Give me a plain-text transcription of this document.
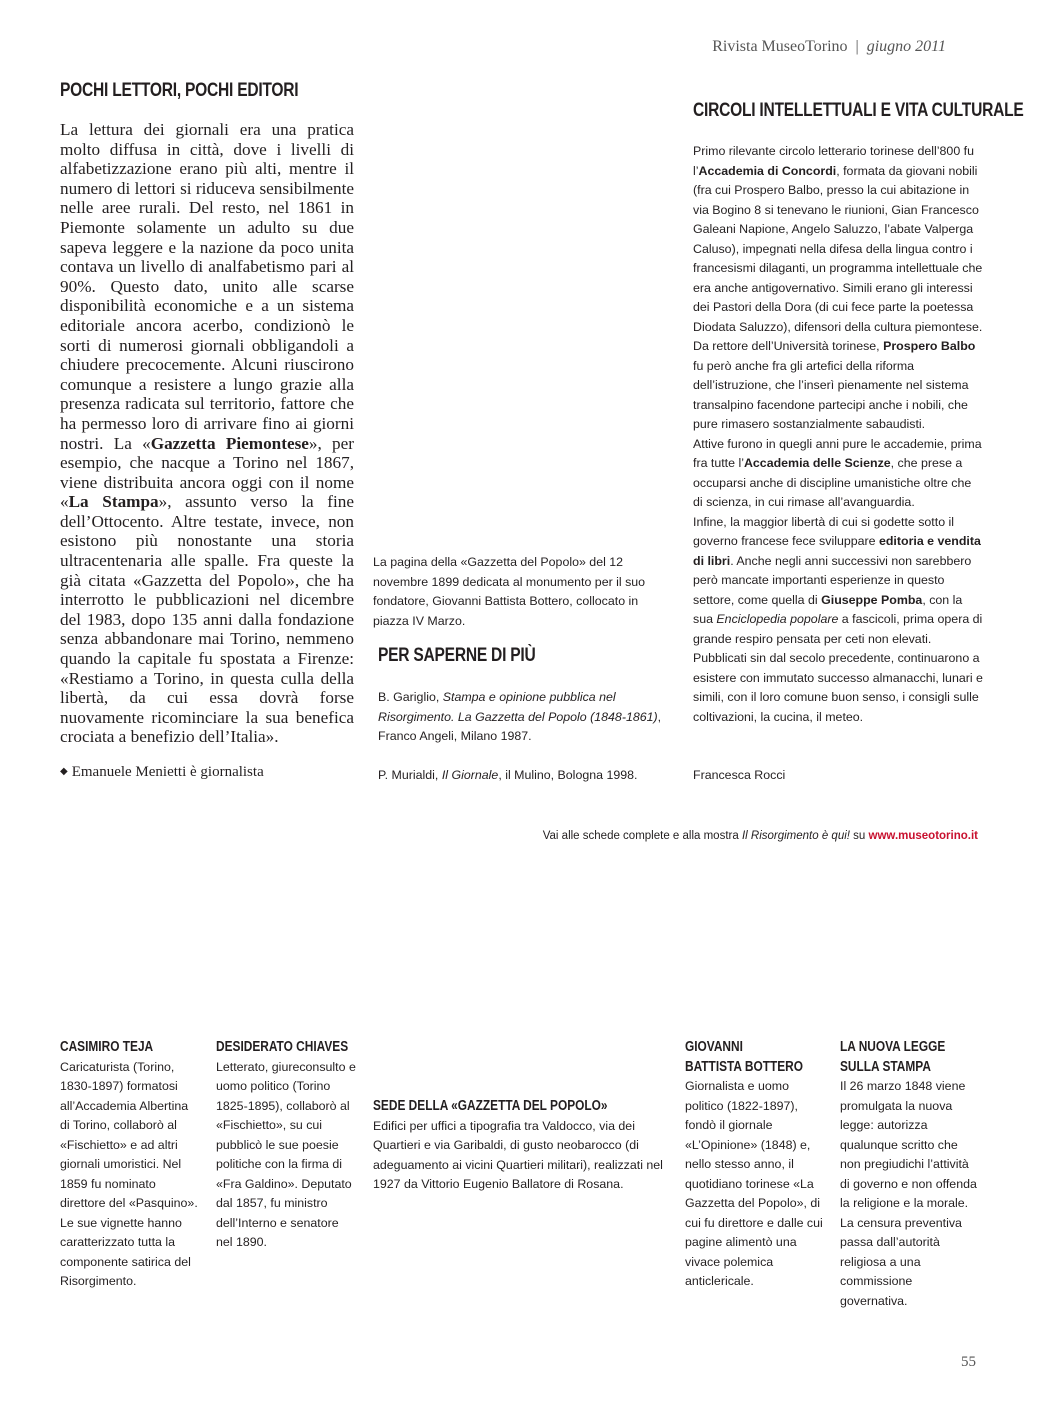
Rivista MuseoTorino | giugno 2011
POCHI LETTORI, POCHI EDITORI
La lettura dei giornali era una pratica molto diffusa in città, dove i livelli di alfabetizzazione erano più alti, mentre il numero di lettori si riduceva sensibilmente nelle aree rurali. Del resto, nel 1861 in Piemonte solamente un adulto su due sapeva leggere e la nazione da poco unita contava un livello di analfabetismo pari al 90%. Questo dato, unito alle scarse disponibilità economiche e a un sistema editoriale ancora acerbo, condizionò le sorti di numerosi giornali obbligandoli a chiudere precocemente. Alcuni riuscirono comunque a resistere a lungo grazie alla presenza radicata sul territorio, fattore che ha permesso loro di arrivare fino ai giorni nostri. La «Gazzetta Piemontese», per esempio, che nacque a Torino nel 1867, viene distribuita ancora oggi con il nome «La Stampa», assunto verso la fine dell’Ottocento. Altre testate, invece, non esistono più nonostante una storia ultracentenaria alle spalle. Fra queste la già citata «Gazzetta del Popolo», che ha interrotto le pubblicazioni nel dicembre del 1983, dopo 135 anni dalla fondazione senza abbandonare mai Torino, nemmeno quando la capitale fu spostata a Firenze: «Restiamo a Torino, in questa culla della libertà, da cui essa dovrà forse nuovamente ricominciare la sua benefica crociata a benefizio dell’Italia».
◆ Emanuele Menietti è giornalista
La pagina della «Gazzetta del Popolo» del 12 novembre 1899 dedicata al monumento per il suo fondatore, Giovanni Battista Bottero, collocato in piazza IV Marzo.
PER SAPERNE DI PIÙ
B. Gariglio, Stampa e opinione pubblica nel Risorgimento. La Gazzetta del Popolo (1848-1861), Franco Angeli, Milano 1987.
P. Murialdi, Il Giornale, il Mulino, Bologna 1998.
CIRCOLI INTELLETTUALI E VITA CULTURALE
Primo rilevante circolo letterario torinese dell’800 fu l’Accademia di Concordi, formata da giovani nobili (fra cui Prospero Balbo, presso la cui abitazione in via Bogino 8 si tenevano le riunioni, Gian Francesco Galeani Napione, Angelo Saluzzo, l’abate Valperga Caluso), impegnati nella difesa della lingua contro i francesismi dilaganti, un programma intellettuale che era anche antigovernativo. Simili erano gli interessi dei Pastori della Dora (di cui fece parte la poetessa Diodata Saluzzo), difensori della cultura piemontese.
Da rettore dell’Università torinese, Prospero Balbo fu però anche fra gli artefici della riforma dell’istruzione, che l’inserì pienamente nel sistema transalpino facendone partecipi anche i nobili, che pure rimasero sostanzialmente sabaudisti.
Attive furono in quegli anni pure le accademie, prima fra tutte l’Accademia delle Scienze, che prese a occuparsi anche di discipline umanistiche oltre che di scienza, in cui rimase all’avanguardia.
Infine, la maggior libertà di cui si godette sotto il governo francese fece sviluppare editoria e vendita di libri. Anche negli anni successivi non sarebbero però mancate importanti esperienze in questo settore, come quella di Giuseppe Pomba, con la sua Enciclopedia popolare a fascicoli, prima opera di grande respiro pensata per ceti non elevati. Pubblicati sin dal secolo precedente, continuarono a esistere con immutato successo almanacchi, lunari e simili, con il loro comune buon senso, i consigli sulle coltivazioni, la cucina, il meteo.
Francesca Rocci
Vai alle schede complete e alla mostra Il Risorgimento è qui! su www.museotorino.it
CASIMIRO TEJA
Caricaturista (Torino, 1830-1897) formatosi all’Accademia Albertina di Torino, collaborò al «Fischietto» e ad altri giornali umoristici. Nel 1859 fu nominato direttore del «Pasquino». Le sue vignette hanno caratterizzato tutta la componente satirica del Risorgimento.
DESIDERATO CHIAVES
Letterato, giureconsulto e uomo politico (Torino 1825-1895), collaborò al «Fischietto», su cui pubblicò le sue poesie politiche con la firma di «Fra Galdino». Deputato dal 1857, fu ministro dell’Interno e senatore nel 1890.
SEDE DELLA «GAZZETTA DEL POPOLO»
Edifici per uffici a tipografia tra Valdocco, via dei Quartieri e via Garibaldi, di gusto neobarocco (di adeguamento ai vicini Quartieri militari), realizzati nel 1927 da Vittorio Eugenio Ballatore di Rosana.
GIOVANNI
BATTISTA BOTTERO
Giornalista e uomo politico (1822-1897), fondò il giornale «L’Opinione» (1848) e, nello stesso anno, il quotidiano torinese «La Gazzetta del Popolo», di cui fu direttore e dalle cui pagine alimentò una vivace polemica anticlericale.
LA NUOVA LEGGE
SULLA STAMPA
Il 26 marzo 1848 viene promulgata la nuova legge: autorizza qualunque scritto che non pregiudichi l’attività di governo e non offenda la religione e la morale. La censura preventiva passa dall’autorità religiosa a una commissione governativa.
55
